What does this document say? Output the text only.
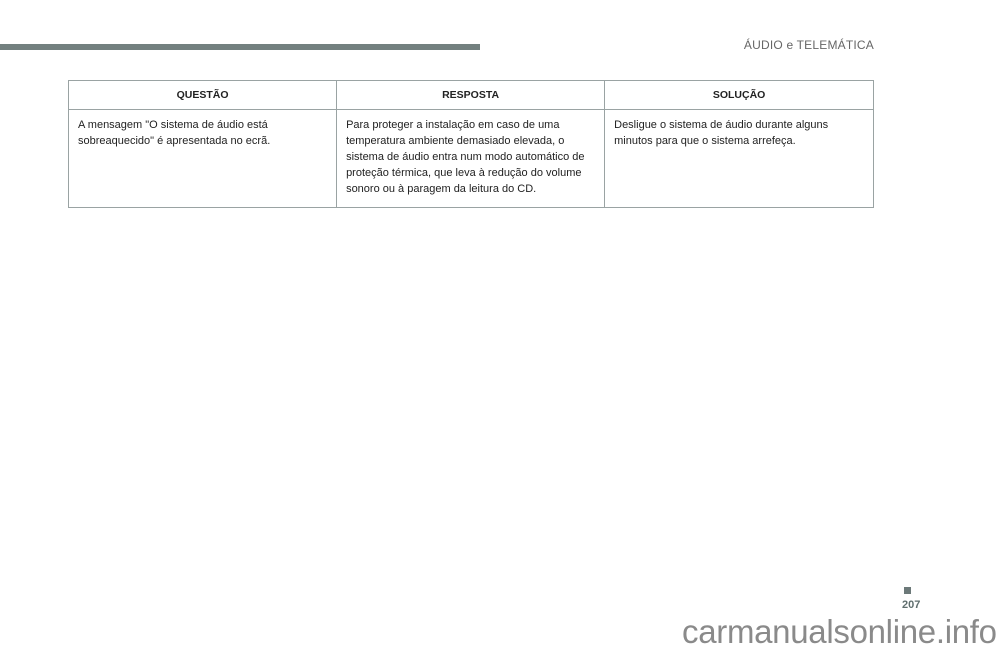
ÁUDIO e TELEMÁTICA
QUESTÃO	RESPOSTA	SOLUÇÃO
A mensagem "O sistema de áudio está sobreaquecido" é apresentada no ecrã.	Para proteger a instalação em caso de uma temperatura ambiente demasiado elevada, o sistema de áudio entra num modo automático de proteção térmica, que leva à redução do volume sonoro ou à paragem da leitura do CD.	Desligue o sistema de áudio durante alguns minutos para que o sistema arrefeça.
207
carmanualsonline.info
